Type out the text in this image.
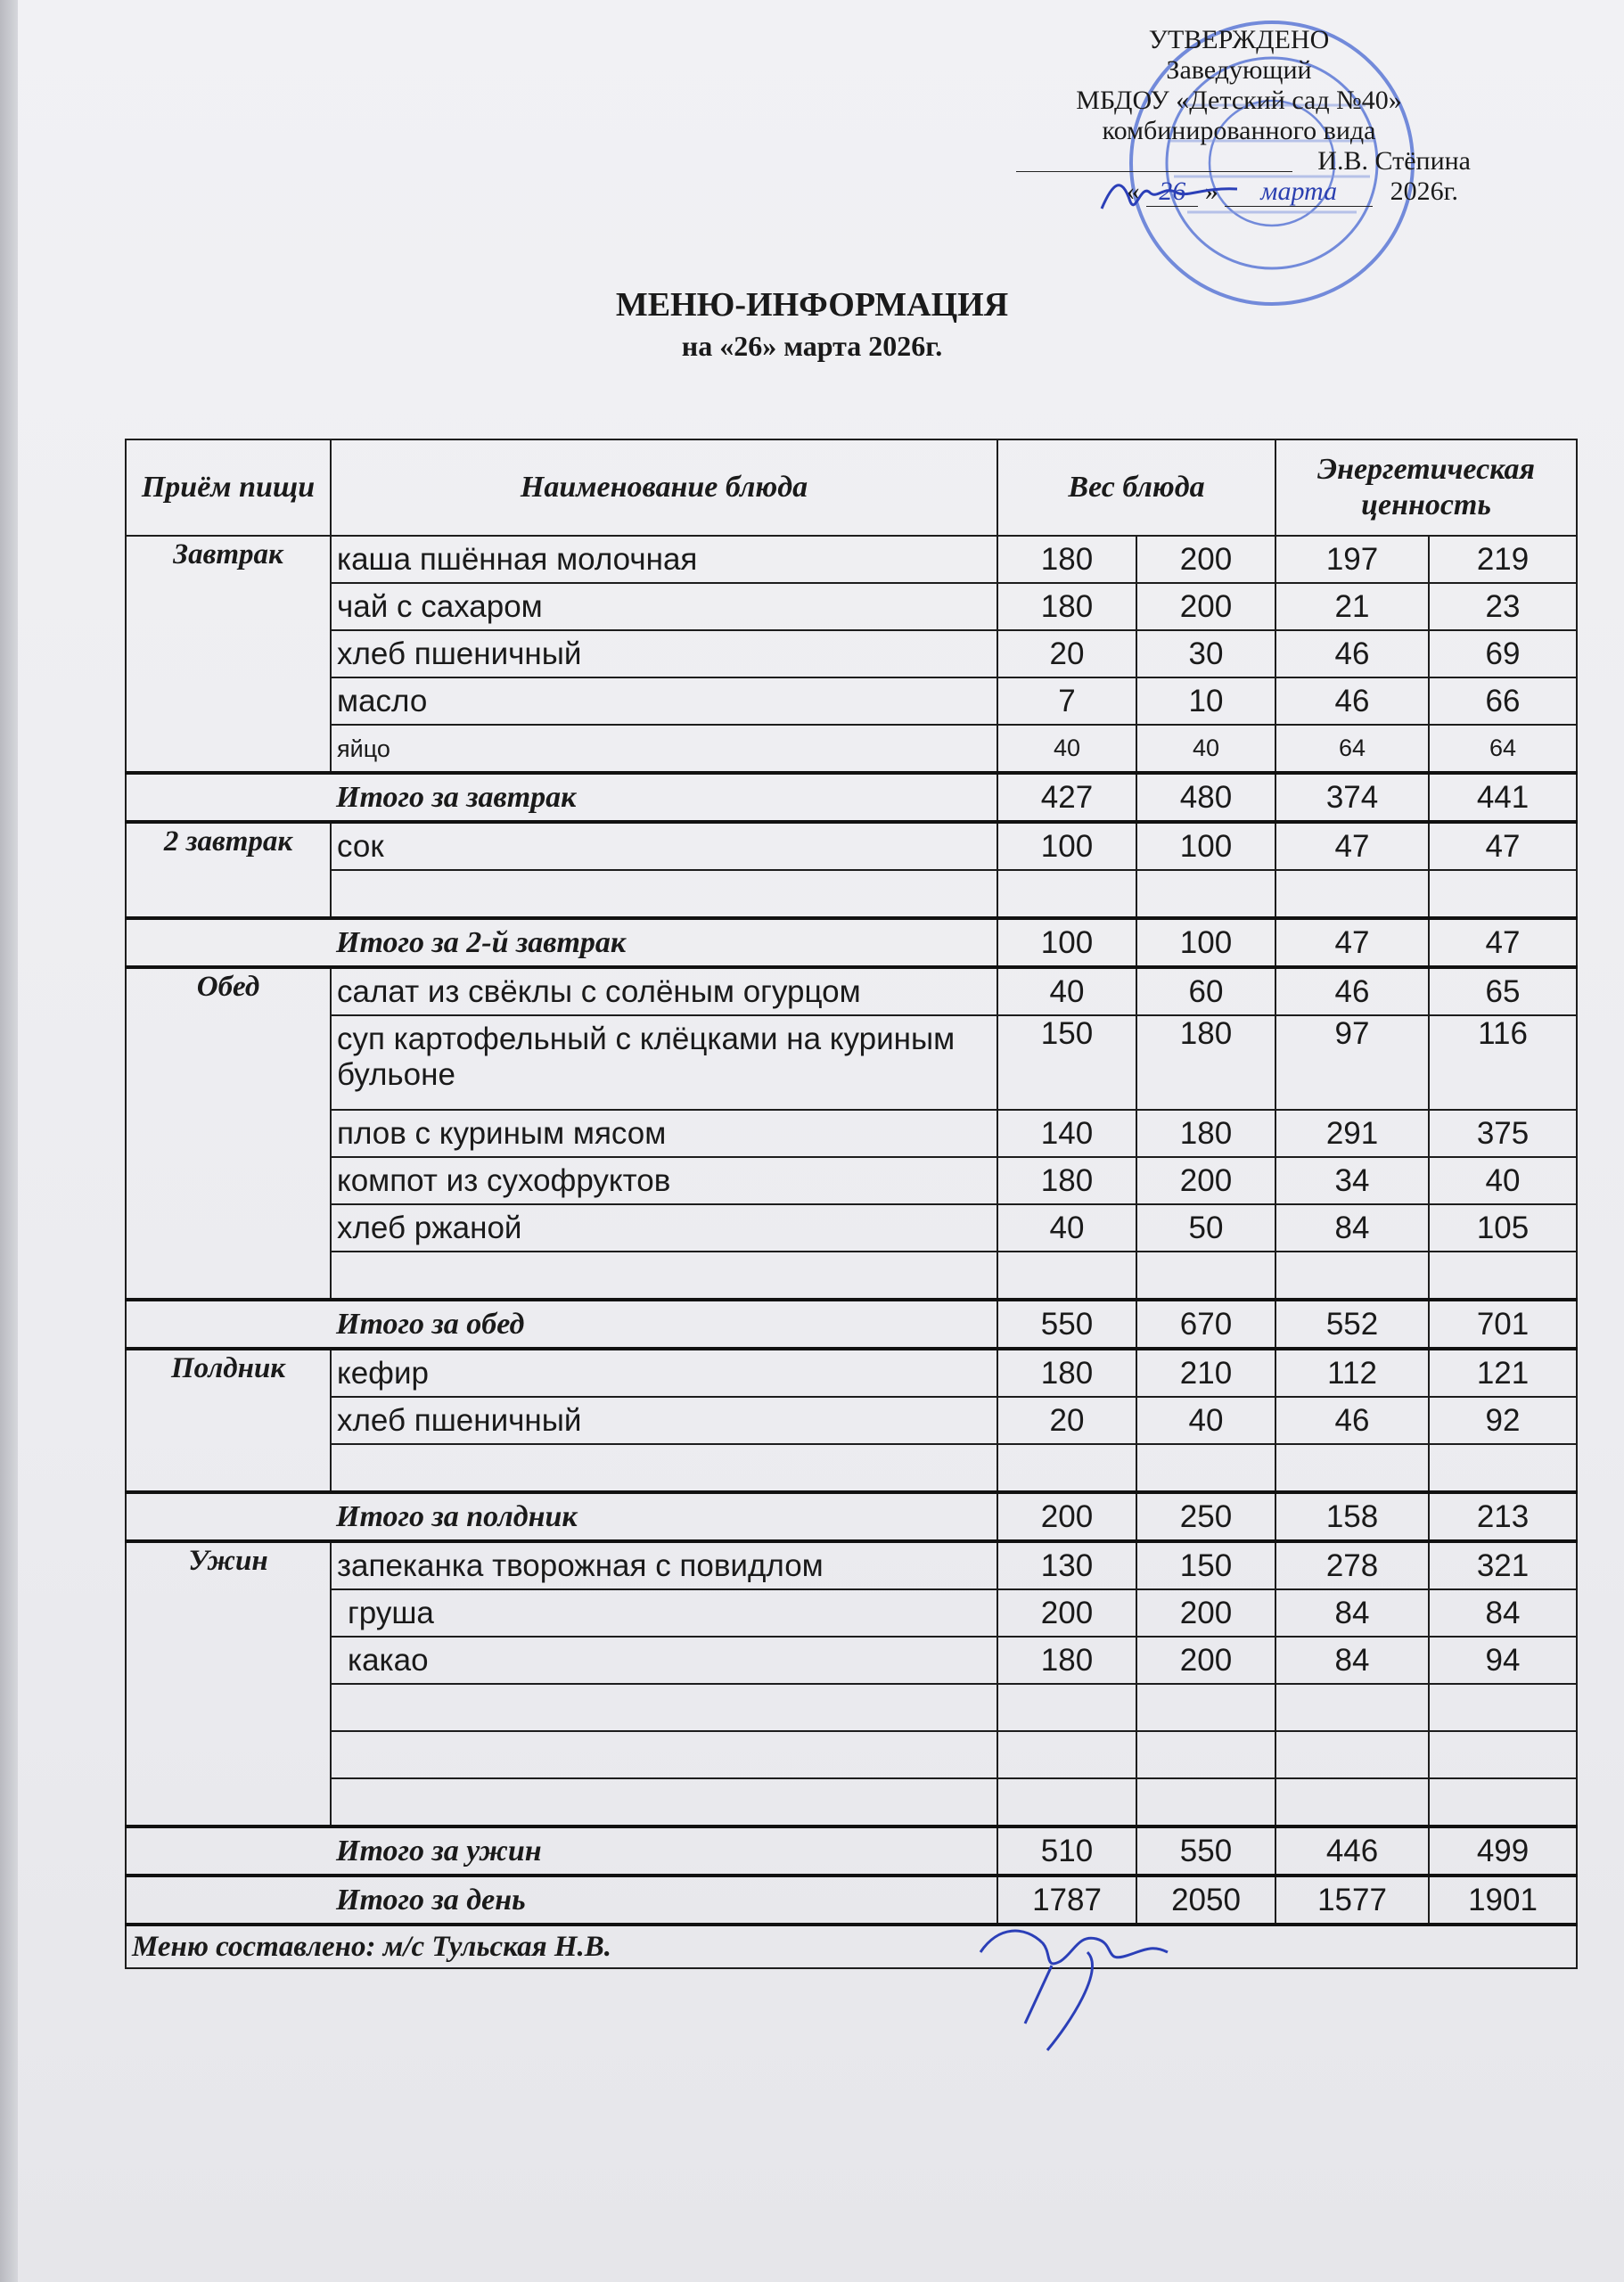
УТВЕРЖДЕНО
Заведующий
МБДОУ «Детский сад №40»
комбинированного вида
И.В. Стёпина
« 26 » марта 2026г.
МЕНЮ-ИНФОРМАЦИЯ
на «26» марта 2026г.
Приём пищи	Наименование блюда	Вес блюда		Энергетическая ценность	
Завтрак	каша пшённая молочная	180	200	197	219
	чай с сахаром	180	200	21	23
	хлеб пшеничный	20	30	46	69
	масло	7	10	46	66
	яйцо	40	40	64	64
Итого за завтрак		427	480	374	441
2 завтрак	сок	100	100	47	47

Итого за 2-й завтрак		100	100	47	47
Обед	салат из свёклы с солёным огурцом	40	60	46	65
	суп картофельный с клёцками на куриным бульоне	150	180	97	116
	плов с куриным мясом	140	180	291	375
	компот из сухофруктов	180	200	34	40
	хлеб ржаной	40	50	84	105

Итого за обед		550	670	552	701
Полдник	кефир	180	210	112	121
	хлеб пшеничный	20	40	46	92

Итого за полдник		200	250	158	213
Ужин	запеканка творожная с повидлом	130	150	278	321
	груша	200	200	84	84
	какао	180	200	84	94

Итого за ужин		510	550	446	499
Итого за день		1787	2050	1577	1901
Меню составлено: м/с Тульская Н.В.					
